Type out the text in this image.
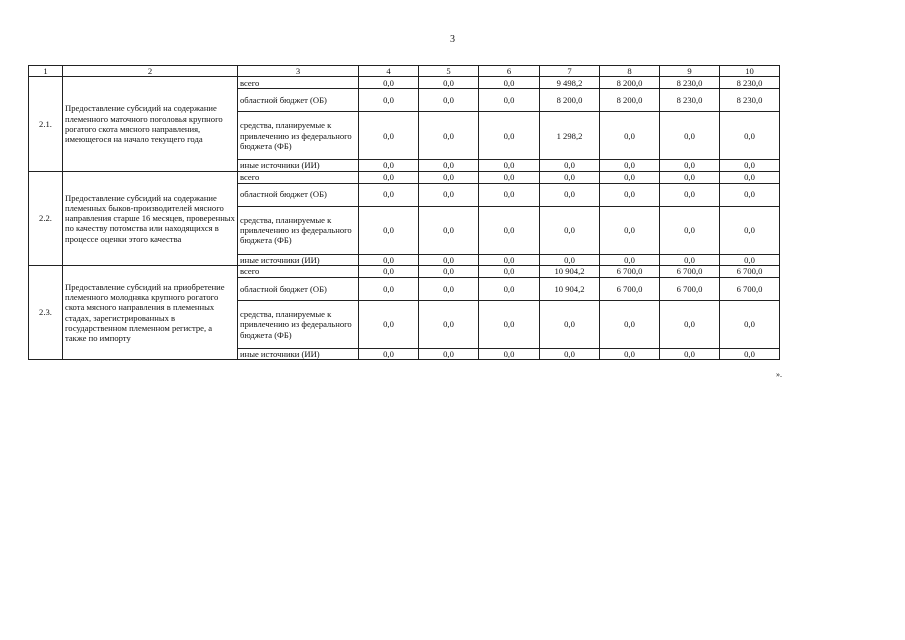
3
1	2	3	4	5	6	7	8	9	10
2.1.	Предоставление субсидий на содержание племенного маточного поголовья крупного рогатого скота мясного направления, имеющегося на начало текущего года	всего	0,0	0,0	0,0	9 498,2	8 200,0	8 230,0	8 230,0
		областной бюджет (ОБ)	0,0	0,0	0,0	8 200,0	8 200,0	8 230,0	8 230,0
		средства, планируемые к привлечению из федерального бюджета (ФБ)	0,0	0,0	0,0	1 298,2	0,0	0,0	0,0
		иные источники (ИИ)	0,0	0,0	0,0	0,0	0,0	0,0	0,0
2.2.	Предоставление субсидий на содержание племенных быков-производителей мясного направления старше 16 месяцев, проверенных по качеству потомства или находящихся в процессе оценки этого качества	всего	0,0	0,0	0,0	0,0	0,0	0,0	0,0
		областной бюджет (ОБ)	0,0	0,0	0,0	0,0	0,0	0,0	0,0
		средства, планируемые к привлечению из федерального бюджета (ФБ)	0,0	0,0	0,0	0,0	0,0	0,0	0,0
		иные источники (ИИ)	0,0	0,0	0,0	0,0	0,0	0,0	0,0
2.3.	Предоставление субсидий на приобретение племенного молодняка крупного рогатого скота мясного направления в племенных стадах, зарегистрированных в государственном племенном регистре, а также по импорту	всего	0,0	0,0	0,0	10 904,2	6 700,0	6 700,0	6 700,0
		областной бюджет (ОБ)	0,0	0,0	0,0	10 904,2	6 700,0	6 700,0	6 700,0
		средства, планируемые к привлечению из федерального бюджета (ФБ)	0,0	0,0	0,0	0,0	0,0	0,0	0,0
		иные источники (ИИ)	0,0	0,0	0,0	0,0	0,0	0,0	0,0
».
